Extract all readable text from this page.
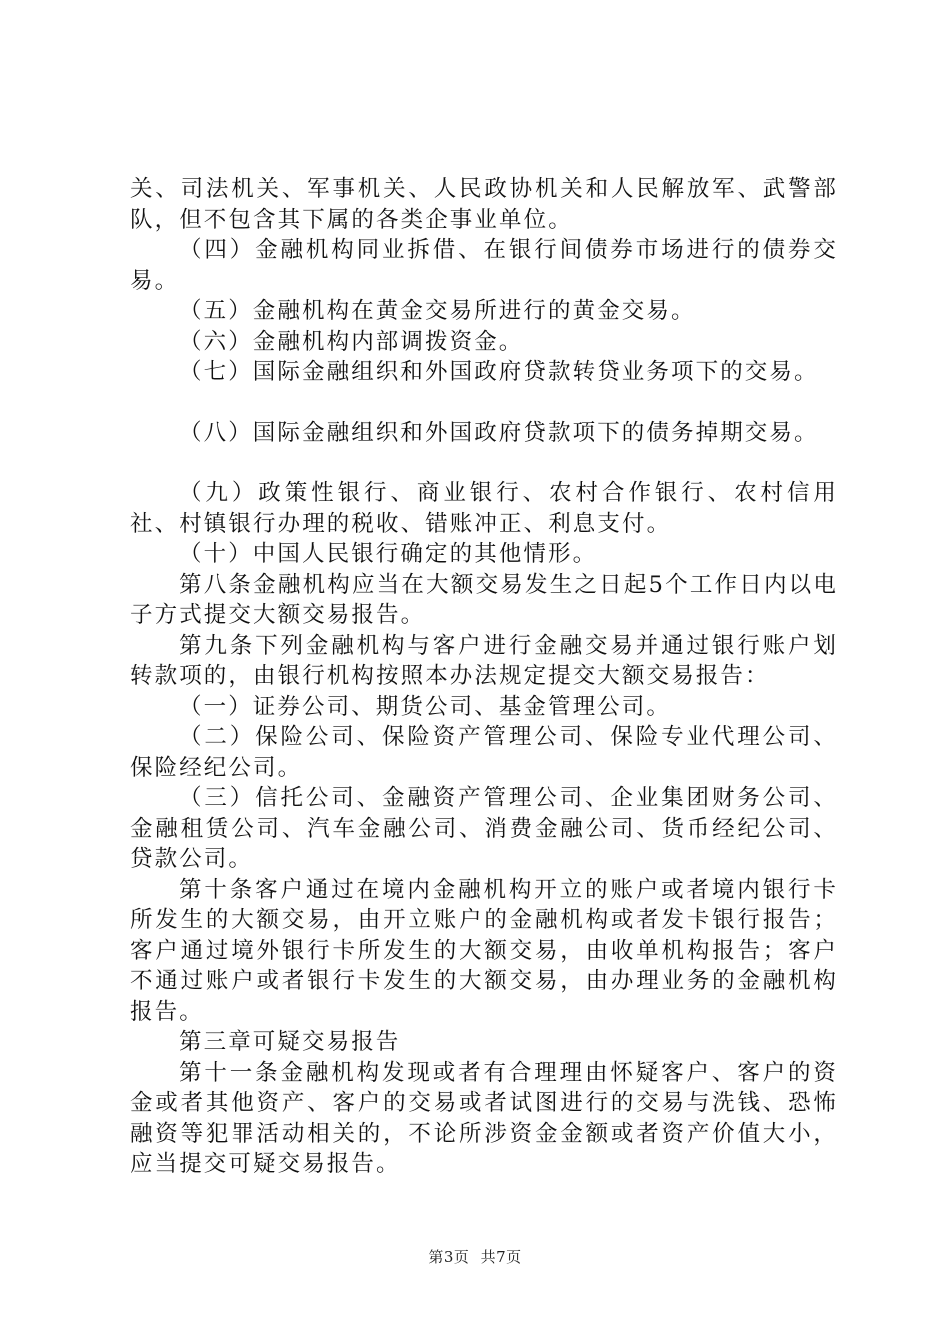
关、司法机关、军事机关、人民政协机关和人民解放军、武警部队，但不包含其下属的各类企事业单位。

（四）金融机构同业拆借、在银行间债券市场进行的债券交易。

（五）金融机构在黄金交易所进行的黄金交易。

（六）金融机构内部调拨资金。

（七）国际金融组织和外国政府贷款转贷业务项下的交易。

（八）国际金融组织和外国政府贷款项下的债务掉期交易。

（九）政策性银行、商业银行、农村合作银行、农村信用社、村镇银行办理的税收、错账冲正、利息支付。

（十）中国人民银行确定的其他情形。

第八条金融机构应当在大额交易发生之日起5个工作日内以电子方式提交大额交易报告。

第九条下列金融机构与客户进行金融交易并通过银行账户划转款项的，由银行机构按照本办法规定提交大额交易报告：

（一）证券公司、期货公司、基金管理公司。

（二）保险公司、保险资产管理公司、保险专业代理公司、保险经纪公司。

（三）信托公司、金融资产管理公司、企业集团财务公司、金融租赁公司、汽车金融公司、消费金融公司、货币经纪公司、贷款公司。

第十条客户通过在境内金融机构开立的账户或者境内银行卡所发生的大额交易，由开立账户的金融机构或者发卡银行报告；客户通过境外银行卡所发生的大额交易，由收单机构报告；客户不通过账户或者银行卡发生的大额交易，由办理业务的金融机构报告。

第三章可疑交易报告

第十一条金融机构发现或者有合理理由怀疑客户、客户的资金或者其他资产、客户的交易或者试图进行的交易与洗钱、恐怖融资等犯罪活动相关的，不论所涉资金金额或者资产价值大小，应当提交可疑交易报告。

第3页 共7页
